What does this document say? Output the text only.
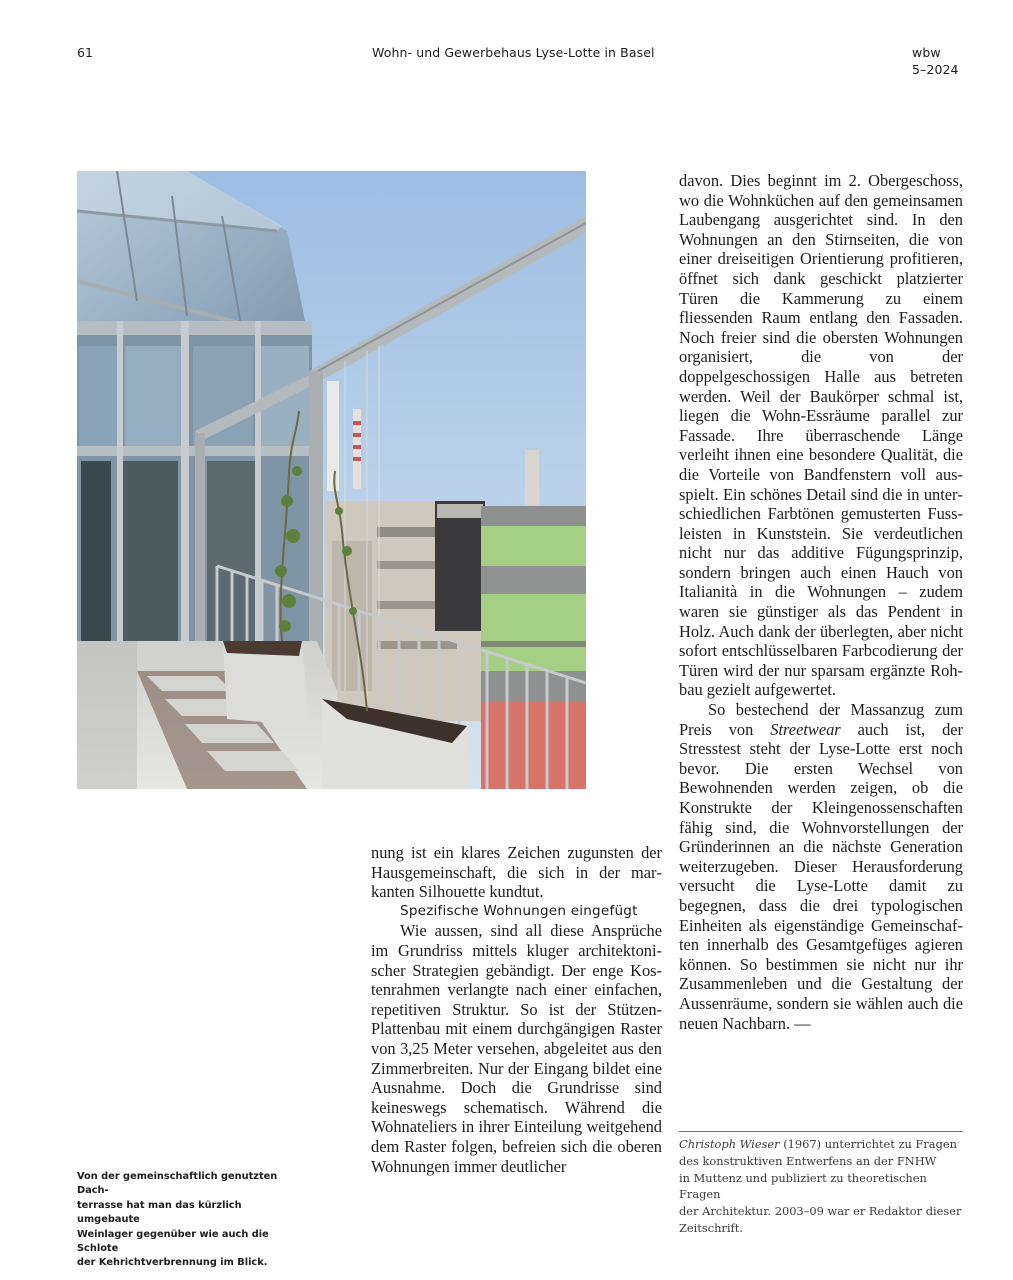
61	Wohn- und Gewerbehaus Lyse-Lotte in Basel	wbw
5–2024
Von der gemeinschaftlich genutzten Dach-
terrasse hat man das kürzlich umgebaute
Weinlager gegenüber wie auch die Schlote
der Kehrichtverbrennung im Blick.

nung ist ein klares Zeichen zugunsten der Hausgemeinschaft, die sich in der markanten Silhouette kundtut.

Spezifische Wohnungen eingefügt

Wie aussen, sind all diese Ansprüche im Grundriss mittels kluger architektonischer Strategien gebändigt. Der enge Kostenrahmen verlangte nach einer einfachen, repetitiven Struktur. So ist der Stützen-Plattenbau mit einem durchgängigen Raster von 3,25 Meter versehen, abgeleitet aus den Zimmerbreiten. Nur der Eingang bildet eine Ausnahme. Doch die Grundrisse sind keineswegs schematisch. Während die Wohnateliers in ihrer Einteilung weitgehend dem Raster folgen, befreien sich die oberen Wohnungen immer deutlicher

davon. Dies beginnt im 2. Obergeschoss, wo die Wohnküchen auf den gemeinsamen Laubengang ausgerichtet sind. In den Wohnungen an den Stirnseiten, die von einer dreiseitigen Orientierung profitieren, öffnet sich dank geschickt platzierter Türen die Kammerung zu einem fliessenden Raum entlang den Fassaden. Noch freier sind die obersten Wohnungen organisiert, die von der doppelgeschossigen Halle aus betreten werden. Weil der Baukörper schmal ist, liegen die Wohn-Essräume parallel zur Fassade. Ihre überraschende Länge verleiht ihnen eine besondere Qualität, die die Vorteile von Bandfenstern voll ausspielt. Ein schönes Detail sind die in unterschiedlichen Farbtönen gemusterten Fussleisten in Kunststein. Sie verdeutlichen nicht nur das additive Fügungsprinzip, sondern bringen auch einen Hauch von Italianità in die Wohnungen – zudem waren sie günstiger als das Pendent in Holz. Auch dank der überlegten, aber nicht sofort entschlüsselbaren Farbcodierung der Türen wird der nur sparsam ergänzte Rohbau gezielt aufgewertet.

So bestechend der Massanzug zum Preis von Streetwear auch ist, der Stresstest steht der Lyse-Lotte erst noch bevor. Die ersten Wechsel von Bewohnenden werden zeigen, ob die Konstrukte der Kleingenossenschaften fähig sind, die Wohnvorstellungen der Gründerinnen an die nächste Generation weiterzugeben. Dieser Herausforderung versucht die Lyse-Lotte damit zu begegnen, dass die drei typologischen Einheiten als eigenständige Gemeinschaften innerhalb des Gesamtgefüges agieren können. So bestimmen sie nicht nur ihr Zusammenleben und die Gestaltung der Aussenräume, sondern sie wählen auch die neuen Nachbarn. —

Christoph Wieser (1967) unterrichtet zu Fragen
des konstruktiven Entwerfens an der FNHW
in Muttenz und publiziert zu theoretischen Fragen
der Architektur. 2003–09 war er Redaktor dieser
Zeitschrift.
